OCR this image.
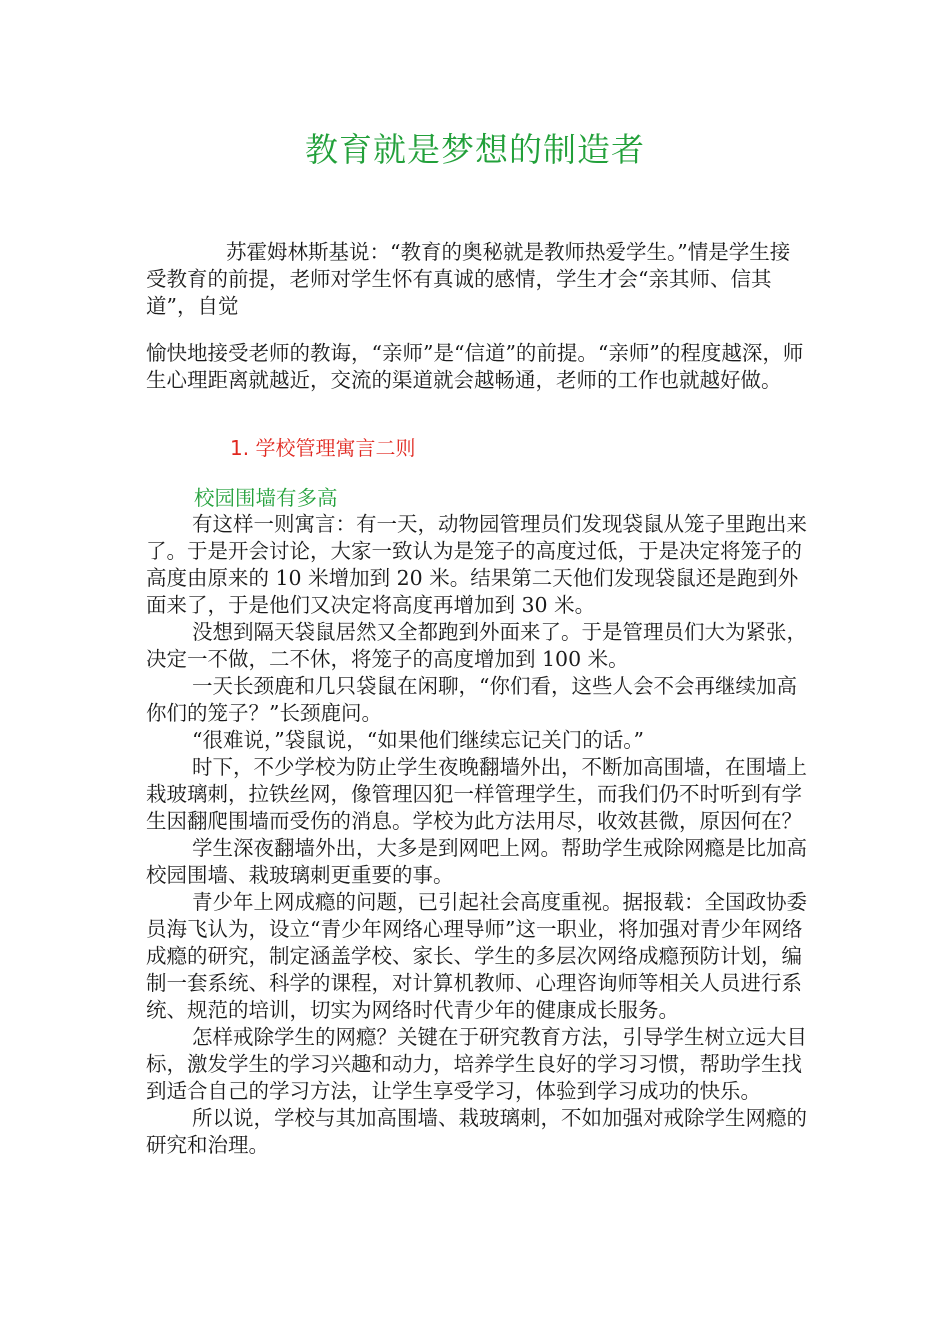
教育就是梦想的制造者

苏霍姆林斯基说：“教育的奥秘就是教师热爱学生。”情是学生接受教育的前提，老师对学生怀有真诚的感情，学生才会“亲其师、信其道”，自觉

愉快地接受老师的教诲，“亲师”是“信道”的前提。“亲师”的程度越深，师生心理距离就越近，交流的渠道就会越畅通，老师的工作也就越好做。

1. 学校管理寓言二则
校园围墙有多高

有这样一则寓言：有一天，动物园管理员们发现袋鼠从笼子里跑出来了。于是开会讨论，大家一致认为是笼子的高度过低，于是决定将笼子的高度由原来的 10 米增加到 20 米。结果第二天他们发现袋鼠还是跑到外面来了，于是他们又决定将高度再增加到 30 米。

没想到隔天袋鼠居然又全都跑到外面来了。于是管理员们大为紧张，决定一不做，二不休，将笼子的高度增加到 100 米。

一天长颈鹿和几只袋鼠在闲聊，“你们看，这些人会不会再继续加高你们的笼子？”长颈鹿问。

“很难说，”袋鼠说，“如果他们继续忘记关门的话。”

时下，不少学校为防止学生夜晚翻墙外出，不断加高围墙，在围墙上栽玻璃刺，拉铁丝网，像管理囚犯一样管理学生，而我们仍不时听到有学生因翻爬围墙而受伤的消息。学校为此方法用尽，收效甚微，原因何在？

学生深夜翻墙外出，大多是到网吧上网。帮助学生戒除网瘾是比加高校园围墙、栽玻璃刺更重要的事。

青少年上网成瘾的问题，已引起社会高度重视。据报载：全国政协委员海飞认为，设立“青少年网络心理导师”这一职业，将加强对青少年网络成瘾的研究，制定涵盖学校、家长、学生的多层次网络成瘾预防计划，编制一套系统、科学的课程，对计算机教师、心理咨询师等相关人员进行系统、规范的培训，切实为网络时代青少年的健康成长服务。

怎样戒除学生的网瘾？关键在于研究教育方法，引导学生树立远大目标，激发学生的学习兴趣和动力，培养学生良好的学习习惯，帮助学生找到适合自己的学习方法，让学生享受学习，体验到学习成功的快乐。

所以说，学校与其加高围墙、栽玻璃刺，不如加强对戒除学生网瘾的研究和治理。
